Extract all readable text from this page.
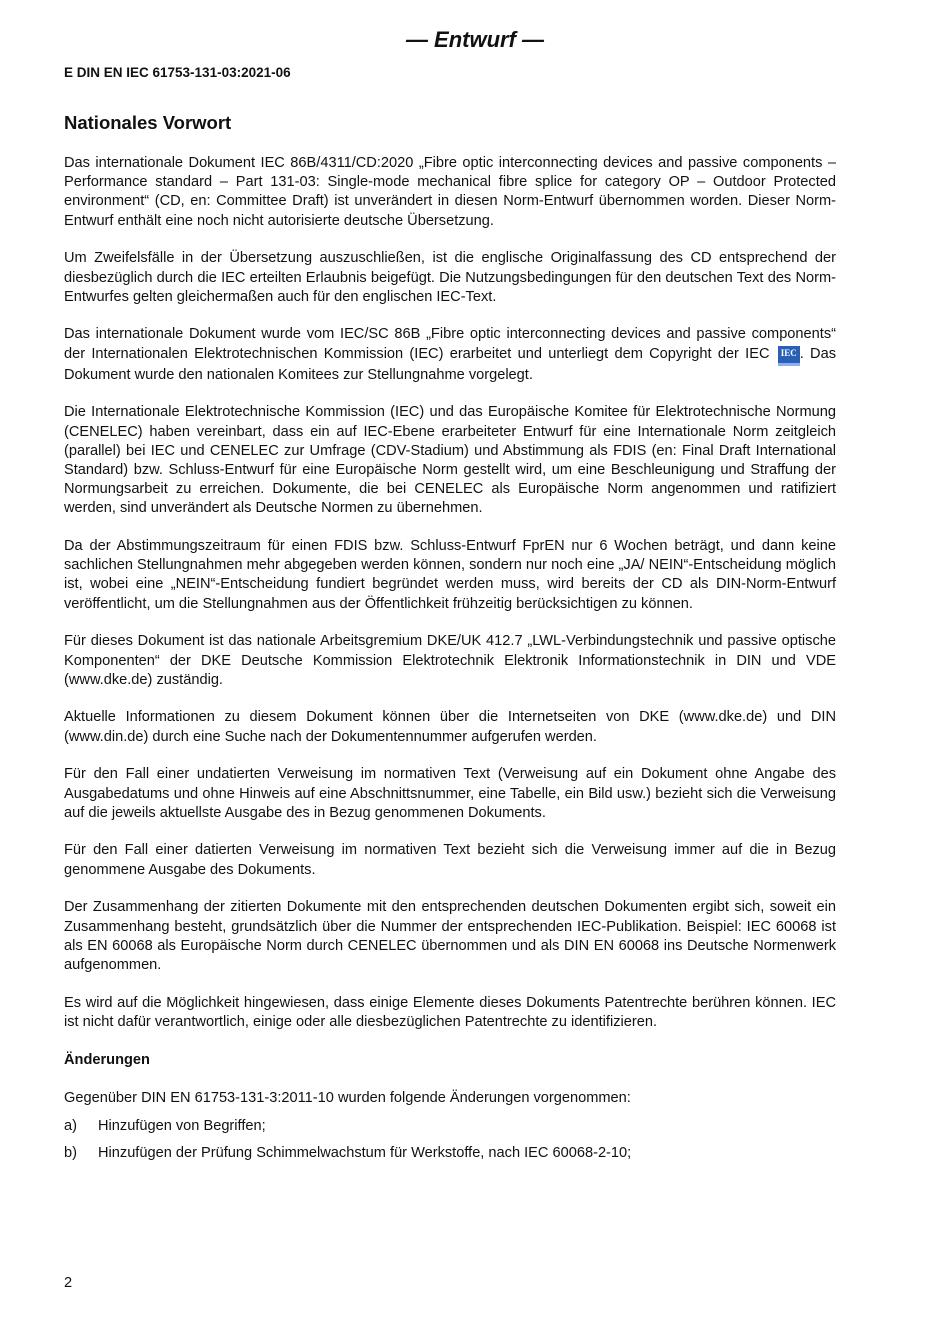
— Entwurf —
E DIN EN IEC 61753-131-03:2021-06
Nationales Vorwort

Das internationale Dokument IEC 86B/4311/CD:2020 „Fibre optic interconnecting devices and passive components – Performance standard – Part 131-03: Single-mode mechanical fibre splice for category OP – Outdoor Protected environment“ (CD, en: Committee Draft) ist unverändert in diesen Norm-Entwurf übernommen worden. Dieser Norm-Entwurf enthält eine noch nicht autorisierte deutsche Übersetzung.

Um Zweifelsfälle in der Übersetzung auszuschließen, ist die englische Originalfassung des CD entsprechend der diesbezüglich durch die IEC erteilten Erlaubnis beigefügt. Die Nutzungsbedingungen für den deutschen Text des Norm-Entwurfes gelten gleichermaßen auch für den englischen IEC-Text.

Das internationale Dokument wurde vom IEC/SC 86B „Fibre optic interconnecting devices and passive components“ der Internationalen Elektrotechnischen Kommission (IEC) erarbeitet und unterliegt dem Copyright der IEC IEC . Das Dokument wurde den nationalen Komitees zur Stellungnahme vorgelegt.

Die Internationale Elektrotechnische Kommission (IEC) und das Europäische Komitee für Elektrotechnische Normung (CENELEC) haben vereinbart, dass ein auf IEC-Ebene erarbeiteter Entwurf für eine Internationale Norm zeitgleich (parallel) bei IEC und CENELEC zur Umfrage (CDV-Stadium) und Abstimmung als FDIS (en: Final Draft International Standard) bzw. Schluss-Entwurf für eine Europäische Norm gestellt wird, um eine Beschleunigung und Straffung der Normungsarbeit zu erreichen. Dokumente, die bei CENELEC als Europäische Norm angenommen und ratifiziert werden, sind unverändert als Deutsche Normen zu übernehmen.

Da der Abstimmungszeitraum für einen FDIS bzw. Schluss-Entwurf FprEN nur 6 Wochen beträgt, und dann keine sachlichen Stellungnahmen mehr abgegeben werden können, sondern nur noch eine „JA/ NEIN“-Entscheidung möglich ist, wobei eine „NEIN“-Entscheidung fundiert begründet werden muss, wird bereits der CD als DIN-Norm-Entwurf veröffentlicht, um die Stellungnahmen aus der Öffentlichkeit frühzeitig berücksichtigen zu können.

Für dieses Dokument ist das nationale Arbeitsgremium DKE/UK 412.7 „LWL-Verbindungstechnik und passive optische Komponenten“ der DKE Deutsche Kommission Elektrotechnik Elektronik Informationstechnik in DIN und VDE (www.dke.de) zuständig.

Aktuelle Informationen zu diesem Dokument können über die Internetseiten von DKE (www.dke.de) und DIN (www.din.de) durch eine Suche nach der Dokumentennummer aufgerufen werden.

Für den Fall einer undatierten Verweisung im normativen Text (Verweisung auf ein Dokument ohne Angabe des Ausgabedatums und ohne Hinweis auf eine Abschnittsnummer, eine Tabelle, ein Bild usw.) bezieht sich die Verweisung auf die jeweils aktuellste Ausgabe des in Bezug genommenen Dokuments.

Für den Fall einer datierten Verweisung im normativen Text bezieht sich die Verweisung immer auf die in Bezug genommene Ausgabe des Dokuments.

Der Zusammenhang der zitierten Dokumente mit den entsprechenden deutschen Dokumenten ergibt sich, soweit ein Zusammenhang besteht, grundsätzlich über die Nummer der entsprechenden IEC-Publikation. Beispiel: IEC 60068 ist als EN 60068 als Europäische Norm durch CENELEC übernommen und als DIN EN 60068 ins Deutsche Normenwerk aufgenommen.

Es wird auf die Möglichkeit hingewiesen, dass einige Elemente dieses Dokuments Patentrechte berühren können. IEC ist nicht dafür verantwortlich, einige oder alle diesbezüglichen Patentrechte zu identifizieren.

Änderungen

Gegenüber DIN EN 61753-131-3:2011-10 wurden folgende Änderungen vorgenommen:

a) Hinzufügen von Begriffen;
b) Hinzufügen der Prüfung Schimmelwachstum für Werkstoffe, nach IEC 60068-2-10;
2
